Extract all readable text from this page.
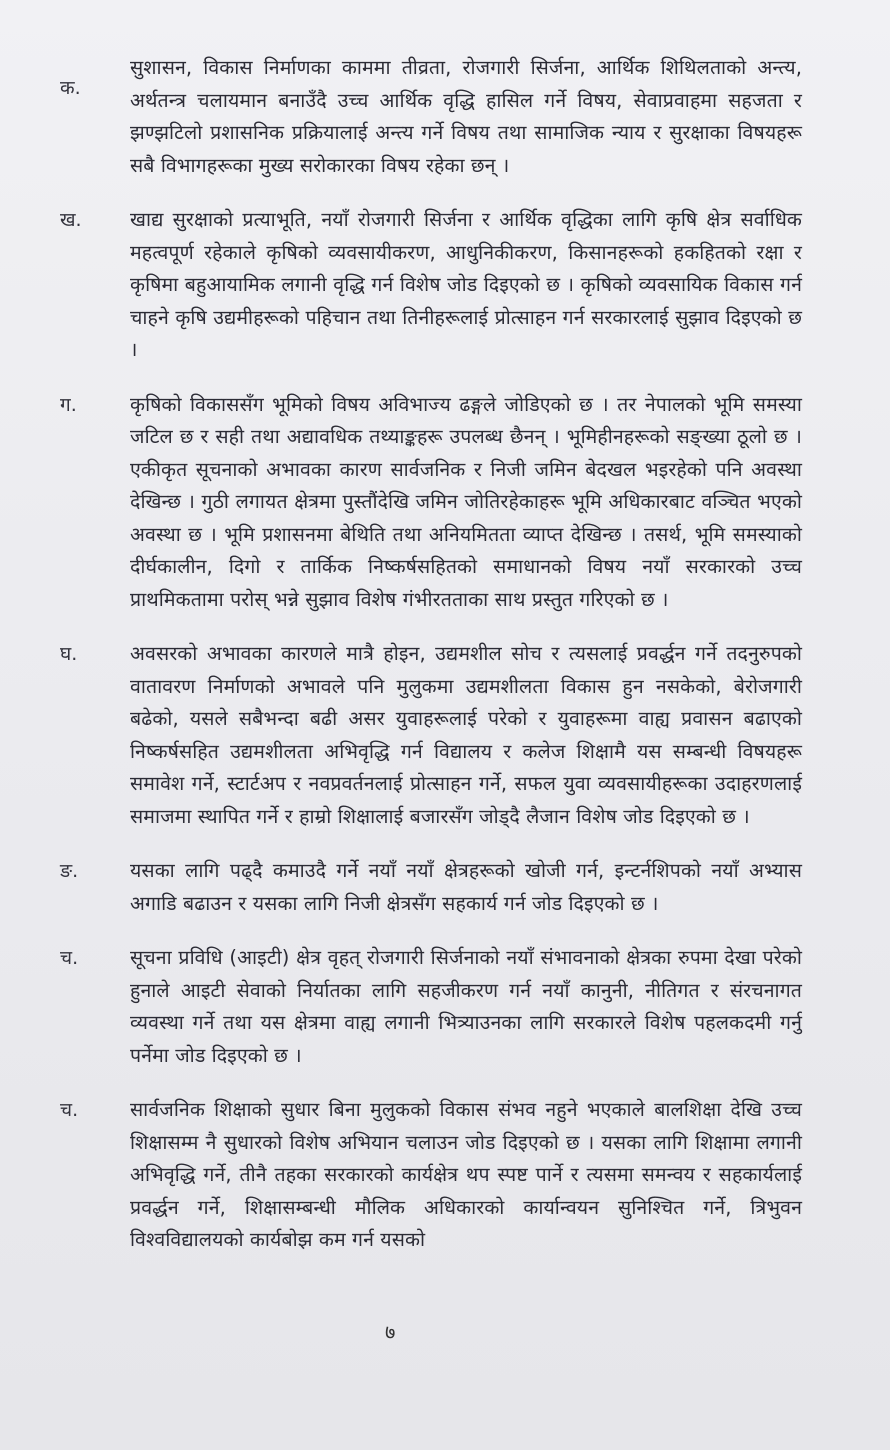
क.
सुशासन, विकास निर्माणका काममा तीव्रता, रोजगारी सिर्जना, आर्थिक शिथिलताको अन्त्य, अर्थतन्त्र चलायमान बनाउँदै उच्च आर्थिक वृद्धि हासिल गर्ने विषय, सेवाप्रवाहमा सहजता र झण्झटिलो प्रशासनिक प्रक्रियालाई अन्त्य गर्ने विषय तथा सामाजिक न्याय र सुरक्षाका विषयहरू सबै विभागहरूका मुख्य सरोकारका विषय रहेका छन् ।
ख.	खाद्य सुरक्षाको प्रत्याभूति, नयाँ रोजगारी सिर्जना र आर्थिक वृद्धिका लागि कृषि क्षेत्र सर्वाधिक महत्वपूर्ण रहेकाले कृषिको व्यवसायीकरण, आधुनिकीकरण, किसानहरूको हकहितको रक्षा र कृषिमा बहुआयामिक लगानी वृद्धि गर्न विशेष जोड दिइएको छ । कृषिको व्यवसायिक विकास गर्न चाहने कृषि उद्यमीहरूको पहिचान तथा तिनीहरूलाई प्रोत्साहन गर्न सरकारलाई सुझाव दिइएको छ ।
ग.	कृषिको विकाससँग भूमिको विषय अविभाज्य ढङ्गले जोडिएको छ । तर नेपालको भूमि समस्या जटिल छ र सही तथा अद्यावधिक तथ्याङ्कहरू उपलब्ध छैनन् । भूमिहीनहरूको सङ्ख्या ठूलो छ । एकीकृत सूचनाको अभावका कारण सार्वजनिक र निजी जमिन बेदखल भइरहेको पनि अवस्था देखिन्छ । गुठी लगायत क्षेत्रमा पुस्तौंदेखि जमिन जोतिरहेकाहरू भूमि अधिकारबाट वञ्चित भएको अवस्था छ । भूमि प्रशासनमा बेथिति तथा अनियमितता व्याप्त देखिन्छ । तसर्थ, भूमि समस्याको दीर्घकालीन, दिगो र तार्किक निष्कर्षसहितको समाधानको विषय नयाँ सरकारको उच्च प्राथमिकतामा परोस् भन्ने सुझाव विशेष गंभीरतताका साथ प्रस्तुत गरिएको छ ।
घ.	अवसरको अभावका कारणले मात्रै होइन, उद्यमशील सोच र त्यसलाई प्रवर्द्धन गर्ने तदनुरुपको वातावरण निर्माणको अभावले पनि मुलुकमा उद्यमशीलता विकास हुन नसकेको, बेरोजगारी बढेको, यसले सबैभन्दा बढी असर युवाहरूलाई परेको र युवाहरूमा वाह्य प्रवासन बढाएको निष्कर्षसहित उद्यमशीलता अभिवृद्धि गर्न विद्यालय र कलेज शिक्षामै यस सम्बन्धी विषयहरू समावेश गर्ने, स्टार्टअप र नवप्रवर्तनलाई प्रोत्साहन गर्ने, सफल युवा व्यवसायीहरूका उदाहरणलाई समाजमा स्थापित गर्ने र हाम्रो शिक्षालाई बजारसँग जोड्दै लैजान विशेष जोड दिइएको छ ।
ङ.	यसका लागि पढ्दै कमाउदै गर्ने नयाँ नयाँ क्षेत्रहरूको खोजी गर्न, इन्टर्नशिपको नयाँ अभ्यास अगाडि बढाउन र यसका लागि निजी क्षेत्रसँग सहकार्य गर्न जोड दिइएको छ ।
च.	सूचना प्रविधि (आइटी) क्षेत्र वृहत् रोजगारी सिर्जनाको नयाँ संभावनाको क्षेत्रका रुपमा देखा परेको हुनाले आइटी सेवाको निर्यातका लागि सहजीकरण गर्न नयाँ कानुनी, नीतिगत र संरचनागत व्यवस्था गर्ने तथा यस क्षेत्रमा वाह्य लगानी भित्र्याउनका लागि सरकारले विशेष पहलकदमी गर्नु पर्नेमा जोड दिइएको छ ।
च.	सार्वजनिक शिक्षाको सुधार बिना मुलुकको विकास संभव नहुने भएकाले बालशिक्षा देखि उच्च शिक्षासम्म नै सुधारको विशेष अभियान चलाउन जोड दिइएको छ । यसका लागि शिक्षामा लगानी अभिवृद्धि गर्ने, तीनै तहका सरकारको कार्यक्षेत्र थप स्पष्ट पार्ने र त्यसमा समन्वय र सहकार्यलाई प्रवर्द्धन गर्ने, शिक्षासम्बन्धी मौलिक अधिकारको कार्यान्वयन सुनिश्चित गर्ने, त्रिभुवन विश्वविद्यालयको कार्यबोझ कम गर्न यसको
७
